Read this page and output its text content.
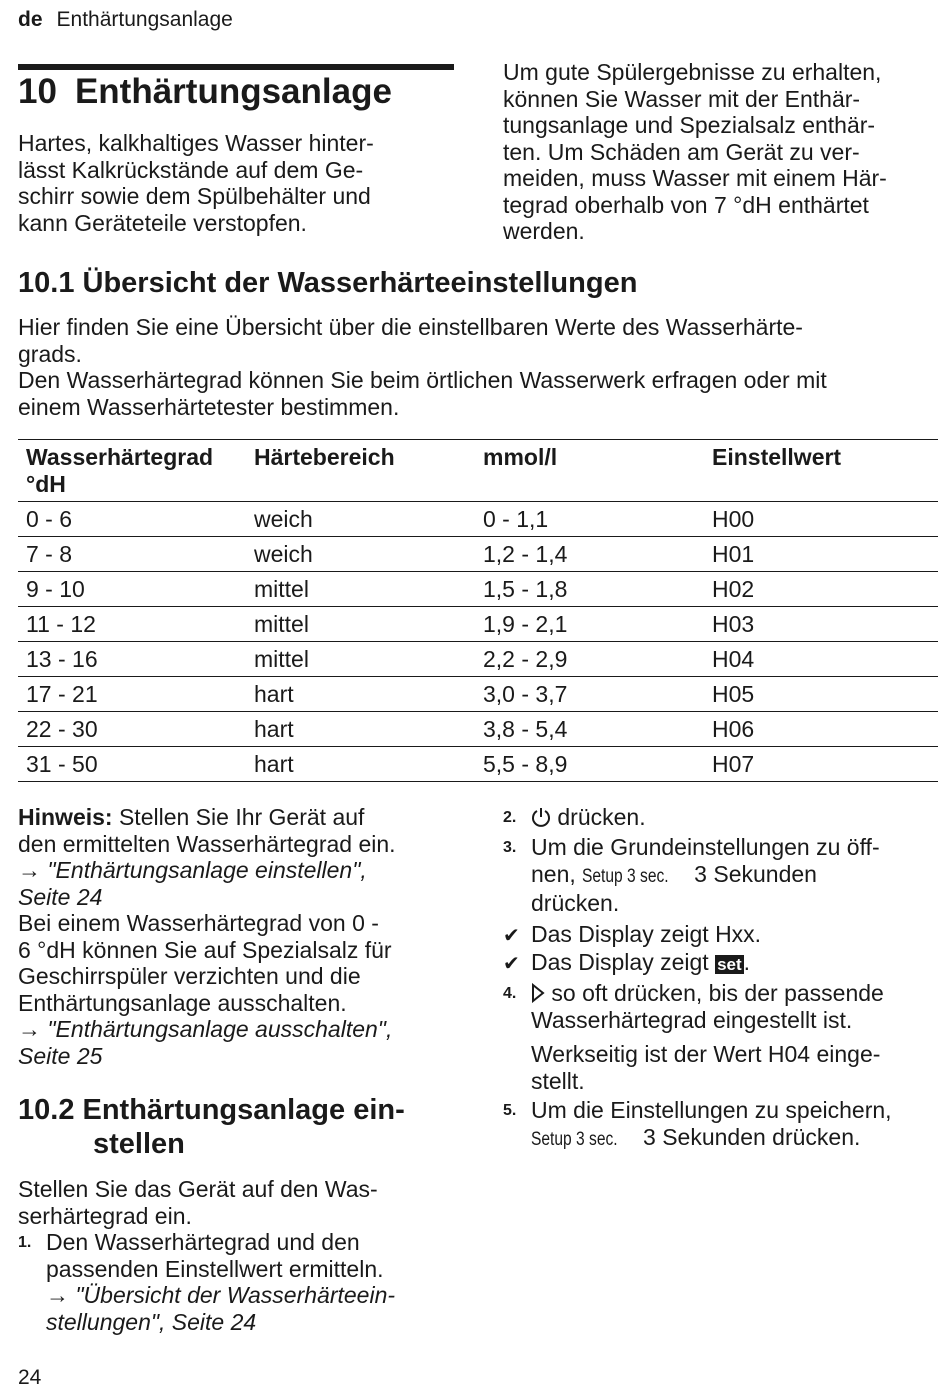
de Enthärtungsanlage
10 Enthärtungsanlage

Hartes, kalkhaltiges Wasser hinter-
lässt Kalkrückstände auf dem Ge-
schirr sowie dem Spülbehälter und
kann Geräteteile verstopfen.

Um gute Spülergebnisse zu erhalten,
können Sie Wasser mit der Enthär-
tungsanlage und Spezialsalz enthär-
ten. Um Schäden am Gerät zu ver-
meiden, muss Wasser mit einem Här-
tegrad oberhalb von 7 °dH enthärtet
werden.

10.1 Übersicht der Wasserhärteeinstellungen

Hier finden Sie eine Übersicht über die einstellbaren Werte des Wasserhärte-
grads.
Den Wasserhärtegrad können Sie beim örtlichen Wasserwerk erfragen oder mit
einem Wasserhärtetester bestimmen.

Wasserhärtegrad
°dH	Härtebereich	mmol/l	Einstellwert
0 - 6	weich	0 - 1,1	H00
7 - 8	weich	1,2 - 1,4	H01
9 - 10	mittel	1,5 - 1,8	H02
11 - 12	mittel	1,9 - 2,1	H03
13 - 16	mittel	2,2 - 2,9	H04
17 - 21	hart	3,0 - 3,7	H05
22 - 30	hart	3,8 - 5,4	H06
31 - 50	hart	5,5 - 8,9	H07

Hinweis: Stellen Sie Ihr Gerät auf
den ermittelten Wasserhärtegrad ein.
→ "Enthärtungsanlage einstellen",
Seite 24
Bei einem Wasserhärtegrad von 0 -
6 °dH können Sie auf Spezialsalz für
Geschirrspüler verzichten und die
Enthärtungsanlage ausschalten.
→ "Enthärtungsanlage ausschalten",
Seite 25

10.2 Enthärtungsanlage ein-
stellen

Stellen Sie das Gerät auf den Was-
serhärtegrad ein.

1. Den Wasserhärtegrad und den
passenden Einstellwert ermitteln.
→ "Übersicht der Wasserhärteein-
stellungen", Seite 24
2.	drücken.
3. Um die Grundeinstellungen zu öff-
nen, Setup 3 sec. 3 Sekunden
drücken.
✔ Das Display zeigt Hxx.
✔ Das Display zeigt set.
4.	so oft drücken, bis der passende
Wasserhärtegrad eingestellt ist.
Werkseitig ist der Wert H04 einge-
stellt.
5. Um die Einstellungen zu speichern,
Setup 3 sec. 3 Sekunden drücken.
24
